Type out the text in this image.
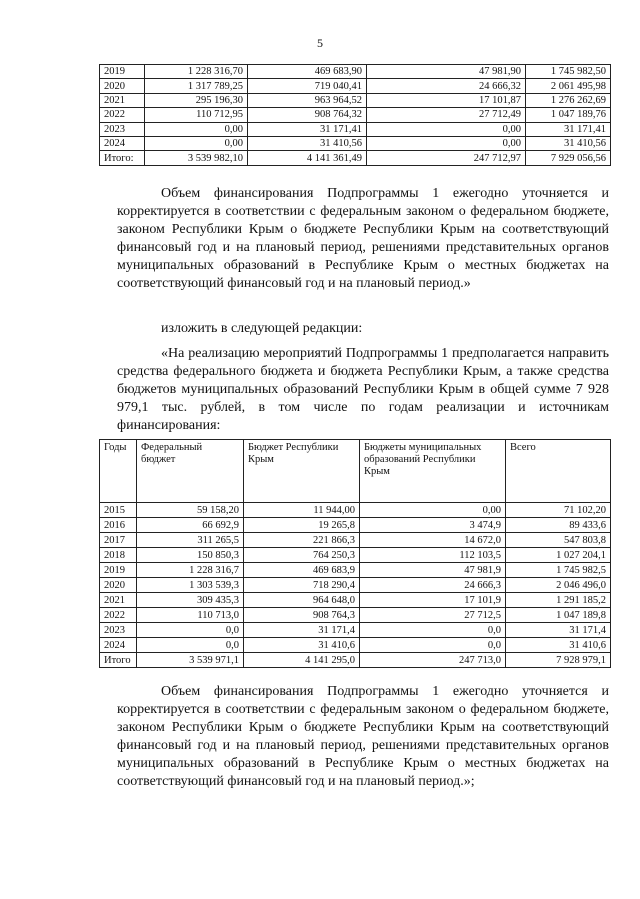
5
2019	1 228 316,70	469 683,90	47 981,90	1 745 982,50
2020	1 317 789,25	719 040,41	24 666,32	2 061 495,98
2021	295 196,30	963 964,52	17 101,87	1 276 262,69
2022	110 712,95	908 764,32	27 712,49	1 047 189,76
2023	0,00	31 171,41	0,00	31 171,41
2024	0,00	31 410,56	0,00	31 410,56
Итого:	3 539 982,10	4 141 361,49	247 712,97	7 929 056,56

Объем финансирования Подпрограммы 1 ежегодно уточняется и корректируется в соответствии с федеральным законом о федеральном бюджете, законом Республики Крым о бюджете Республики Крым на соответствующий финансовый год и на плановый период, решениями представительных органов муниципальных образований в Республике Крым о местных бюджетах на соответствующий финансовый год и на плановый период.»

изложить в следующей редакции:

«На реализацию мероприятий Подпрограммы 1 предполагается направить средства федерального бюджета и бюджета Республики Крым, а также средства бюджетов муниципальных образований Республики Крым в общей сумме 7 928 979,1 тыс. рублей, в том числе по годам реализации и источникам финансирования:

Годы	Федеральный бюджет	Бюджет Республики Крым	Бюджеты муниципальных образований Республики Крым	Всего
2015	59 158,20	11 944,00	0,00	71 102,20
2016	66 692,9	19 265,8	3 474,9	89 433,6
2017	311 265,5	221 866,3	14 672,0	547 803,8
2018	150 850,3	764 250,3	112 103,5	1 027 204,1
2019	1 228 316,7	469 683,9	47 981,9	1 745 982,5
2020	1 303 539,3	718 290,4	24 666,3	2 046 496,0
2021	309 435,3	964 648,0	17 101,9	1 291 185,2
2022	110 713,0	908 764,3	27 712,5	1 047 189,8
2023	0,0	31 171,4	0,0	31 171,4
2024	0,0	31 410,6	0,0	31 410,6
Итого	3 539 971,1	4 141 295,0	247 713,0	7 928 979,1

Объем финансирования Подпрограммы 1 ежегодно уточняется и корректируется в соответствии с федеральным законом о федеральном бюджете, законом Республики Крым о бюджете Республики Крым на соответствующий финансовый год и на плановый период, решениями представительных органов муниципальных образований в Республике Крым о местных бюджетах на соответствующий финансовый год и на плановый период.»;
